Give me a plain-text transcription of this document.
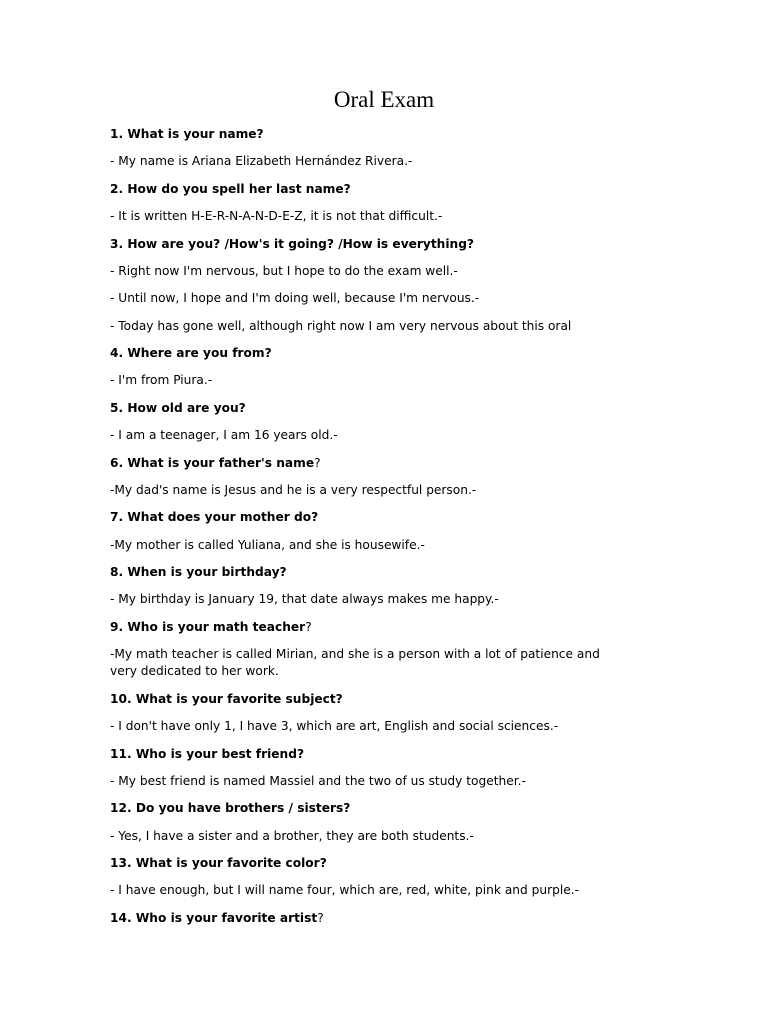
Oral Exam
1. What is your name?
- My name is Ariana Elizabeth Hernández Rivera.-
2. How do you spell her last name?
- It is written H-E-R-N-A-N-D-E-Z, it is not that difficult.-
3. How are you? /How's it going? /How is everything?
- Right now I'm nervous, but I hope to do the exam well.-
- Until now, I hope and I'm doing well, because I'm nervous.-
- Today has gone well, although right now I am very nervous about this oral
4. Where are you from?
- I'm from Piura.-
5. How old are you?
- I am a teenager, I am 16 years old.-
6. What is your father's name?
-My dad's name is Jesus and he is a very respectful person.-
7. What does your mother do?
-My mother is called Yuliana, and she is housewife.-
8. When is your birthday?
- My birthday is January 19, that date always makes me happy.-
9. Who is your math teacher?
-My math teacher is called Mirian, and she is a person with a lot of patience and very dedicated to her work.
10. What is your favorite subject?
- I don't have only 1, I have 3, which are art, English and social sciences.-
11. Who is your best friend?
- My best friend is named Massiel and the two of us study together.-
12. Do you have brothers / sisters?
- Yes, I have a sister and a brother, they are both students.-
13. What is your favorite color?
- I have enough, but I will name four, which are, red, white, pink and purple.-
14. Who is your favorite artist?
